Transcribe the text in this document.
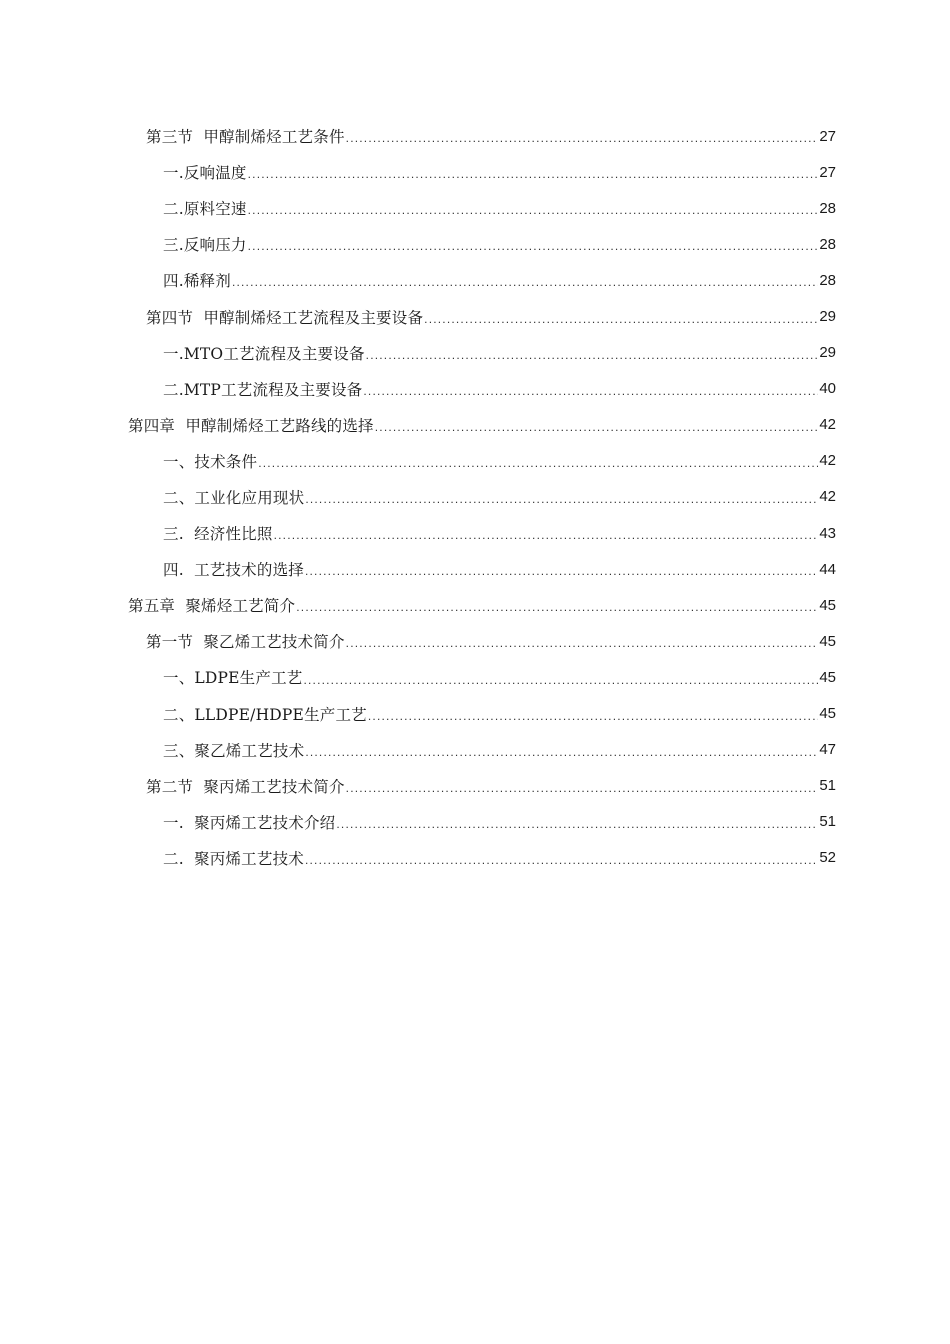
第三节  甲醇制烯烃工艺条件 .....	27
一.反响温度 .....	27
二.原料空速 .....	28
三.反响压力 .....	28
四.稀释剂 .....	28
第四节  甲醇制烯烃工艺流程及主要设备 .....	29
一.MTO工艺流程及主要设备 .....	29
二.MTP工艺流程及主要设备 .....	40
第四章  甲醇制烯烃工艺路线的选择 .....	42
一、技术条件 .....	42
二、工业化应用现状 .....	42
三.  经济性比照 .....	43
四.  工艺技术的选择 .....	44
第五章  聚烯烃工艺简介 .....	45
第一节  聚乙烯工艺技术简介 .....	45
一、LDPE生产工艺 .....	45
二、LLDPE/HDPE生产工艺 .....	45
三、聚乙烯工艺技术 .....	47
第二节  聚丙烯工艺技术简介 .....	51
一.  聚丙烯工艺技术介绍 .....	51
二.  聚丙烯工艺技术 .....	52
